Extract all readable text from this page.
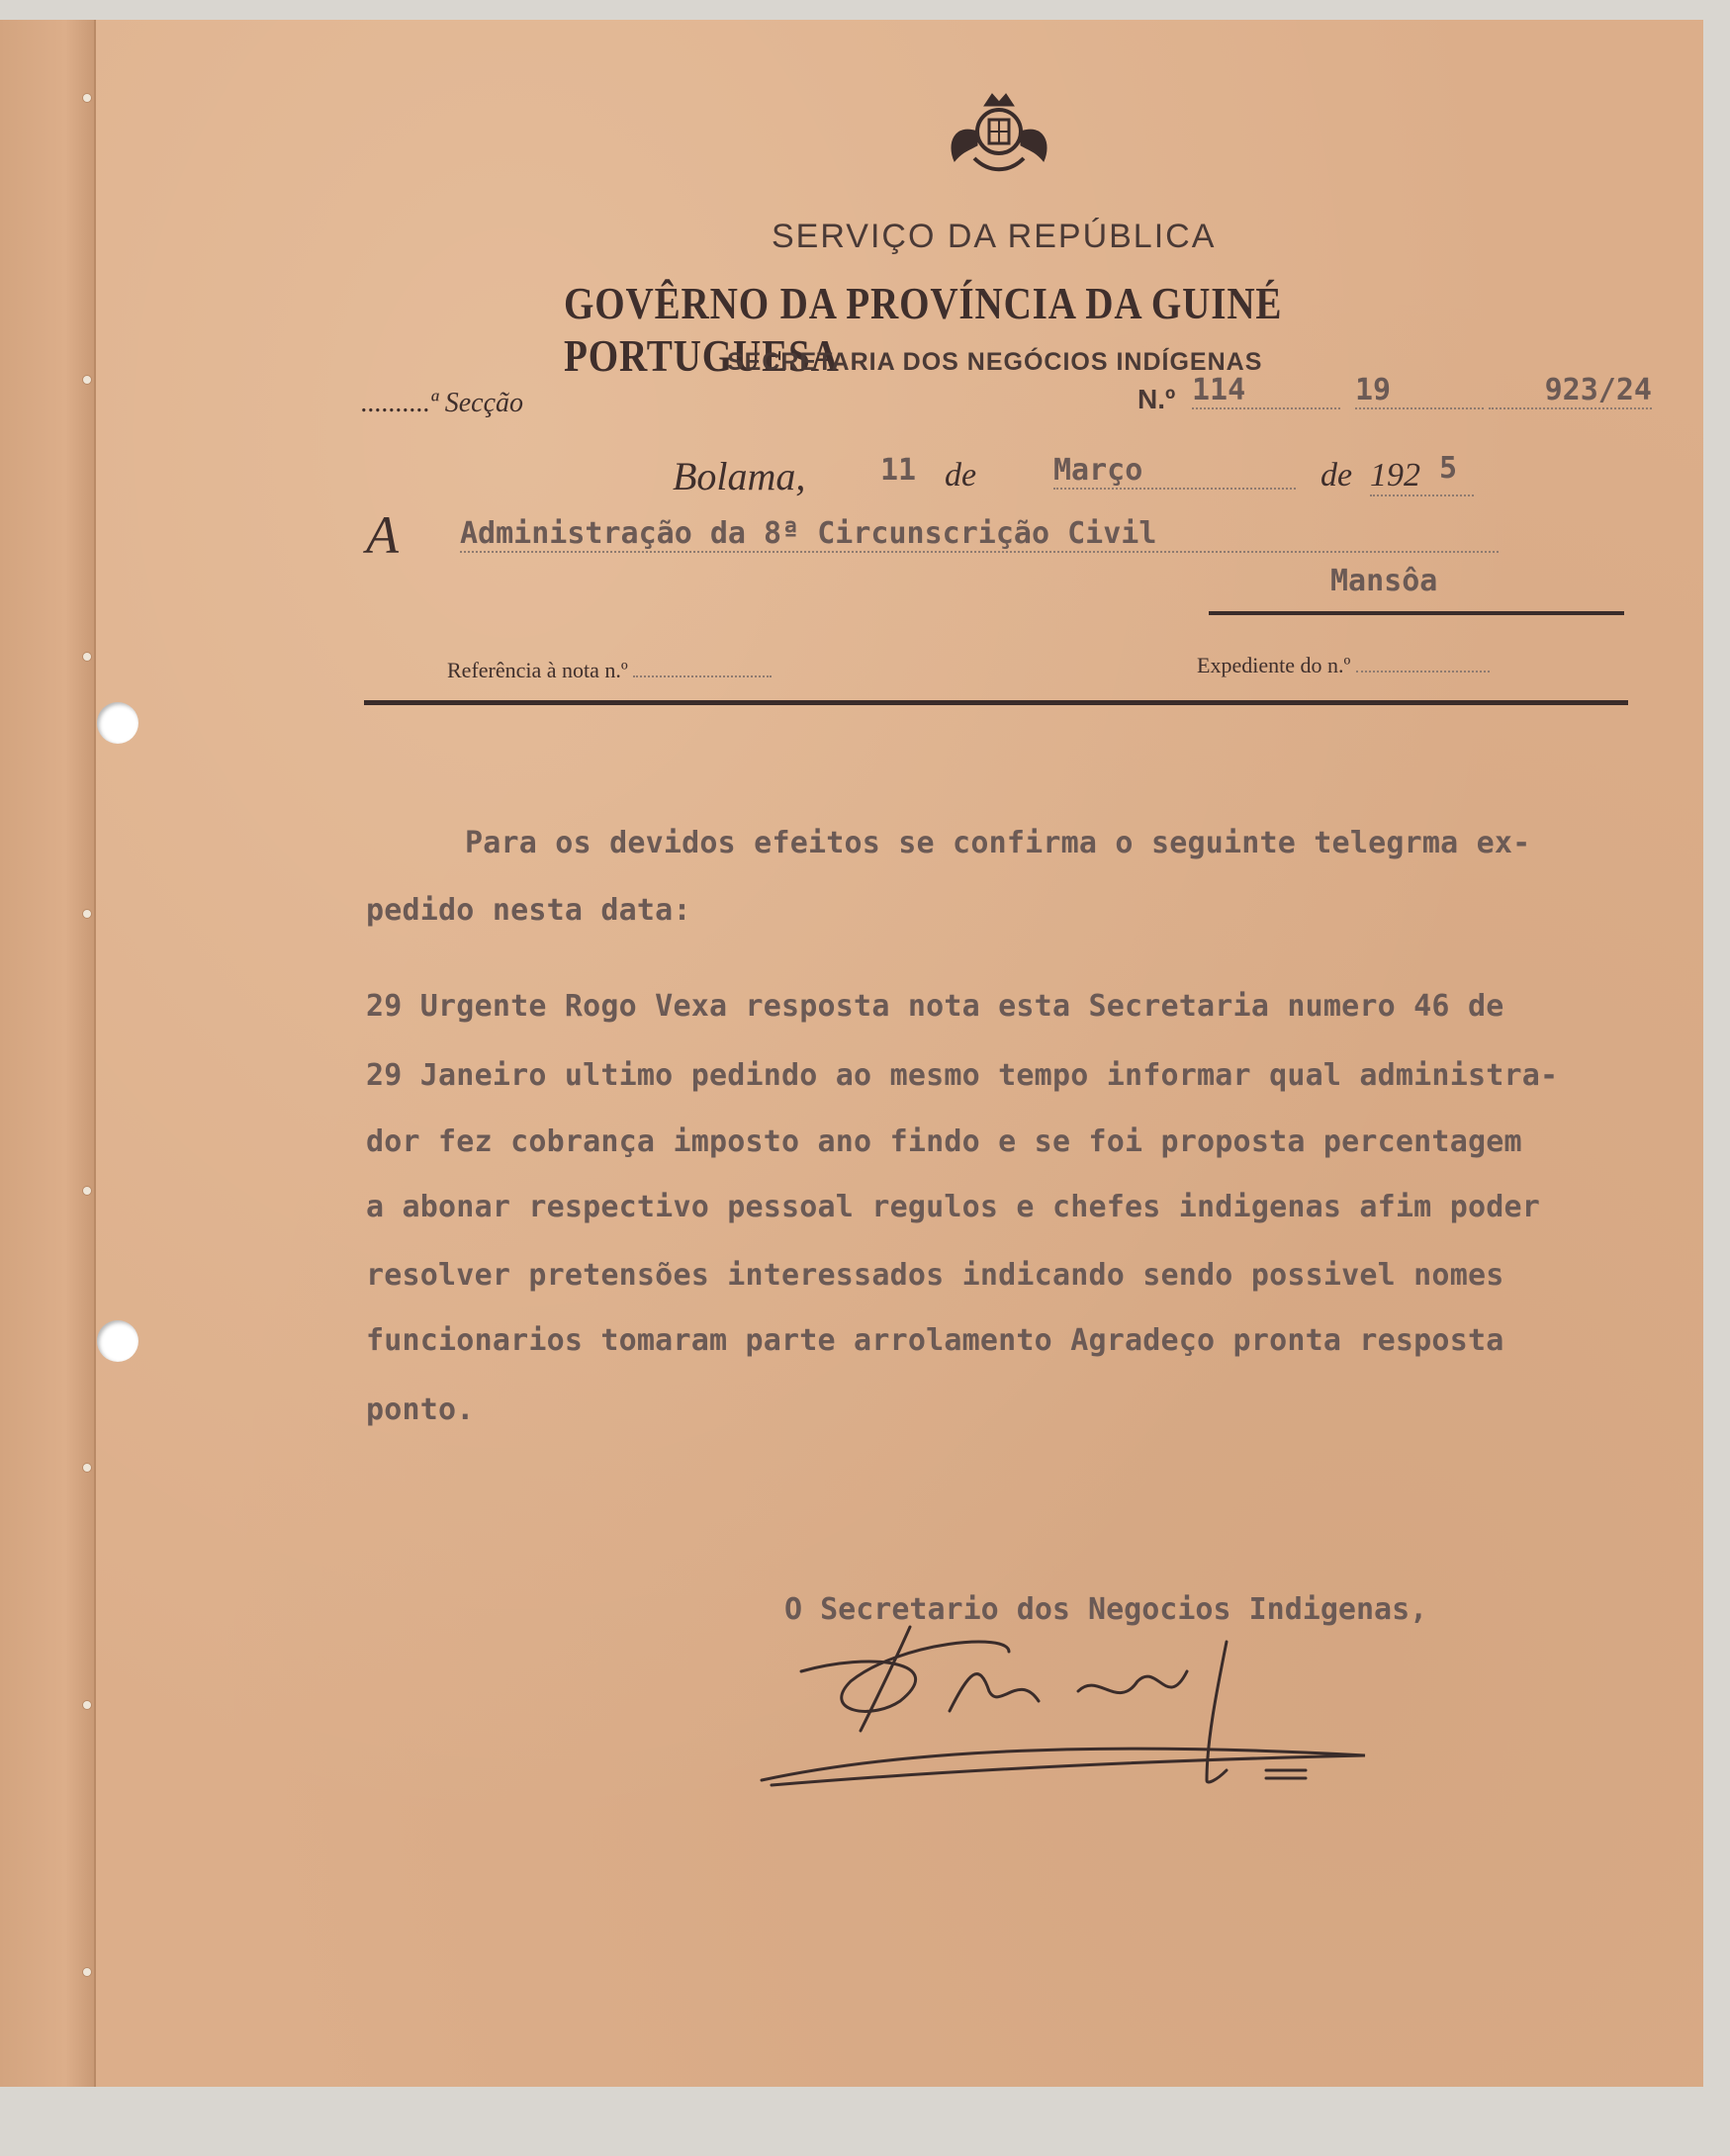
SERVIÇO DA REPÚBLICA
GOVÊRNO DA PROVÍNCIA DA GUINÉ PORTUGUESA
SECRETARIA DOS NEGÓCIOS INDÍGENAS
..........ª Secção	N.º 114	19	923/24
Bolama,	11 de	Março	de 192 5
A Administração da 8ª Circunscrição Civil
Mansôa
Referência à nota n.º	Expediente do n.º
Para os devidos efeitos se confirma o seguinte telegrma ex-
pedido nesta data:
29 Urgente Rogo Vexa resposta nota esta Secretaria numero 46 de
29 Janeiro ultimo pedindo ao mesmo tempo informar qual administra-
dor fez cobrança imposto ano findo e se foi proposta percentagem
a abonar respectivo pessoal regulos e chefes indigenas afim poder
resolver pretensões interessados indicando sendo possivel nomes
funcionarios tomaram parte arrolamento Agradeço pronta resposta
ponto.
O Secretario dos Negocios Indigenas,
